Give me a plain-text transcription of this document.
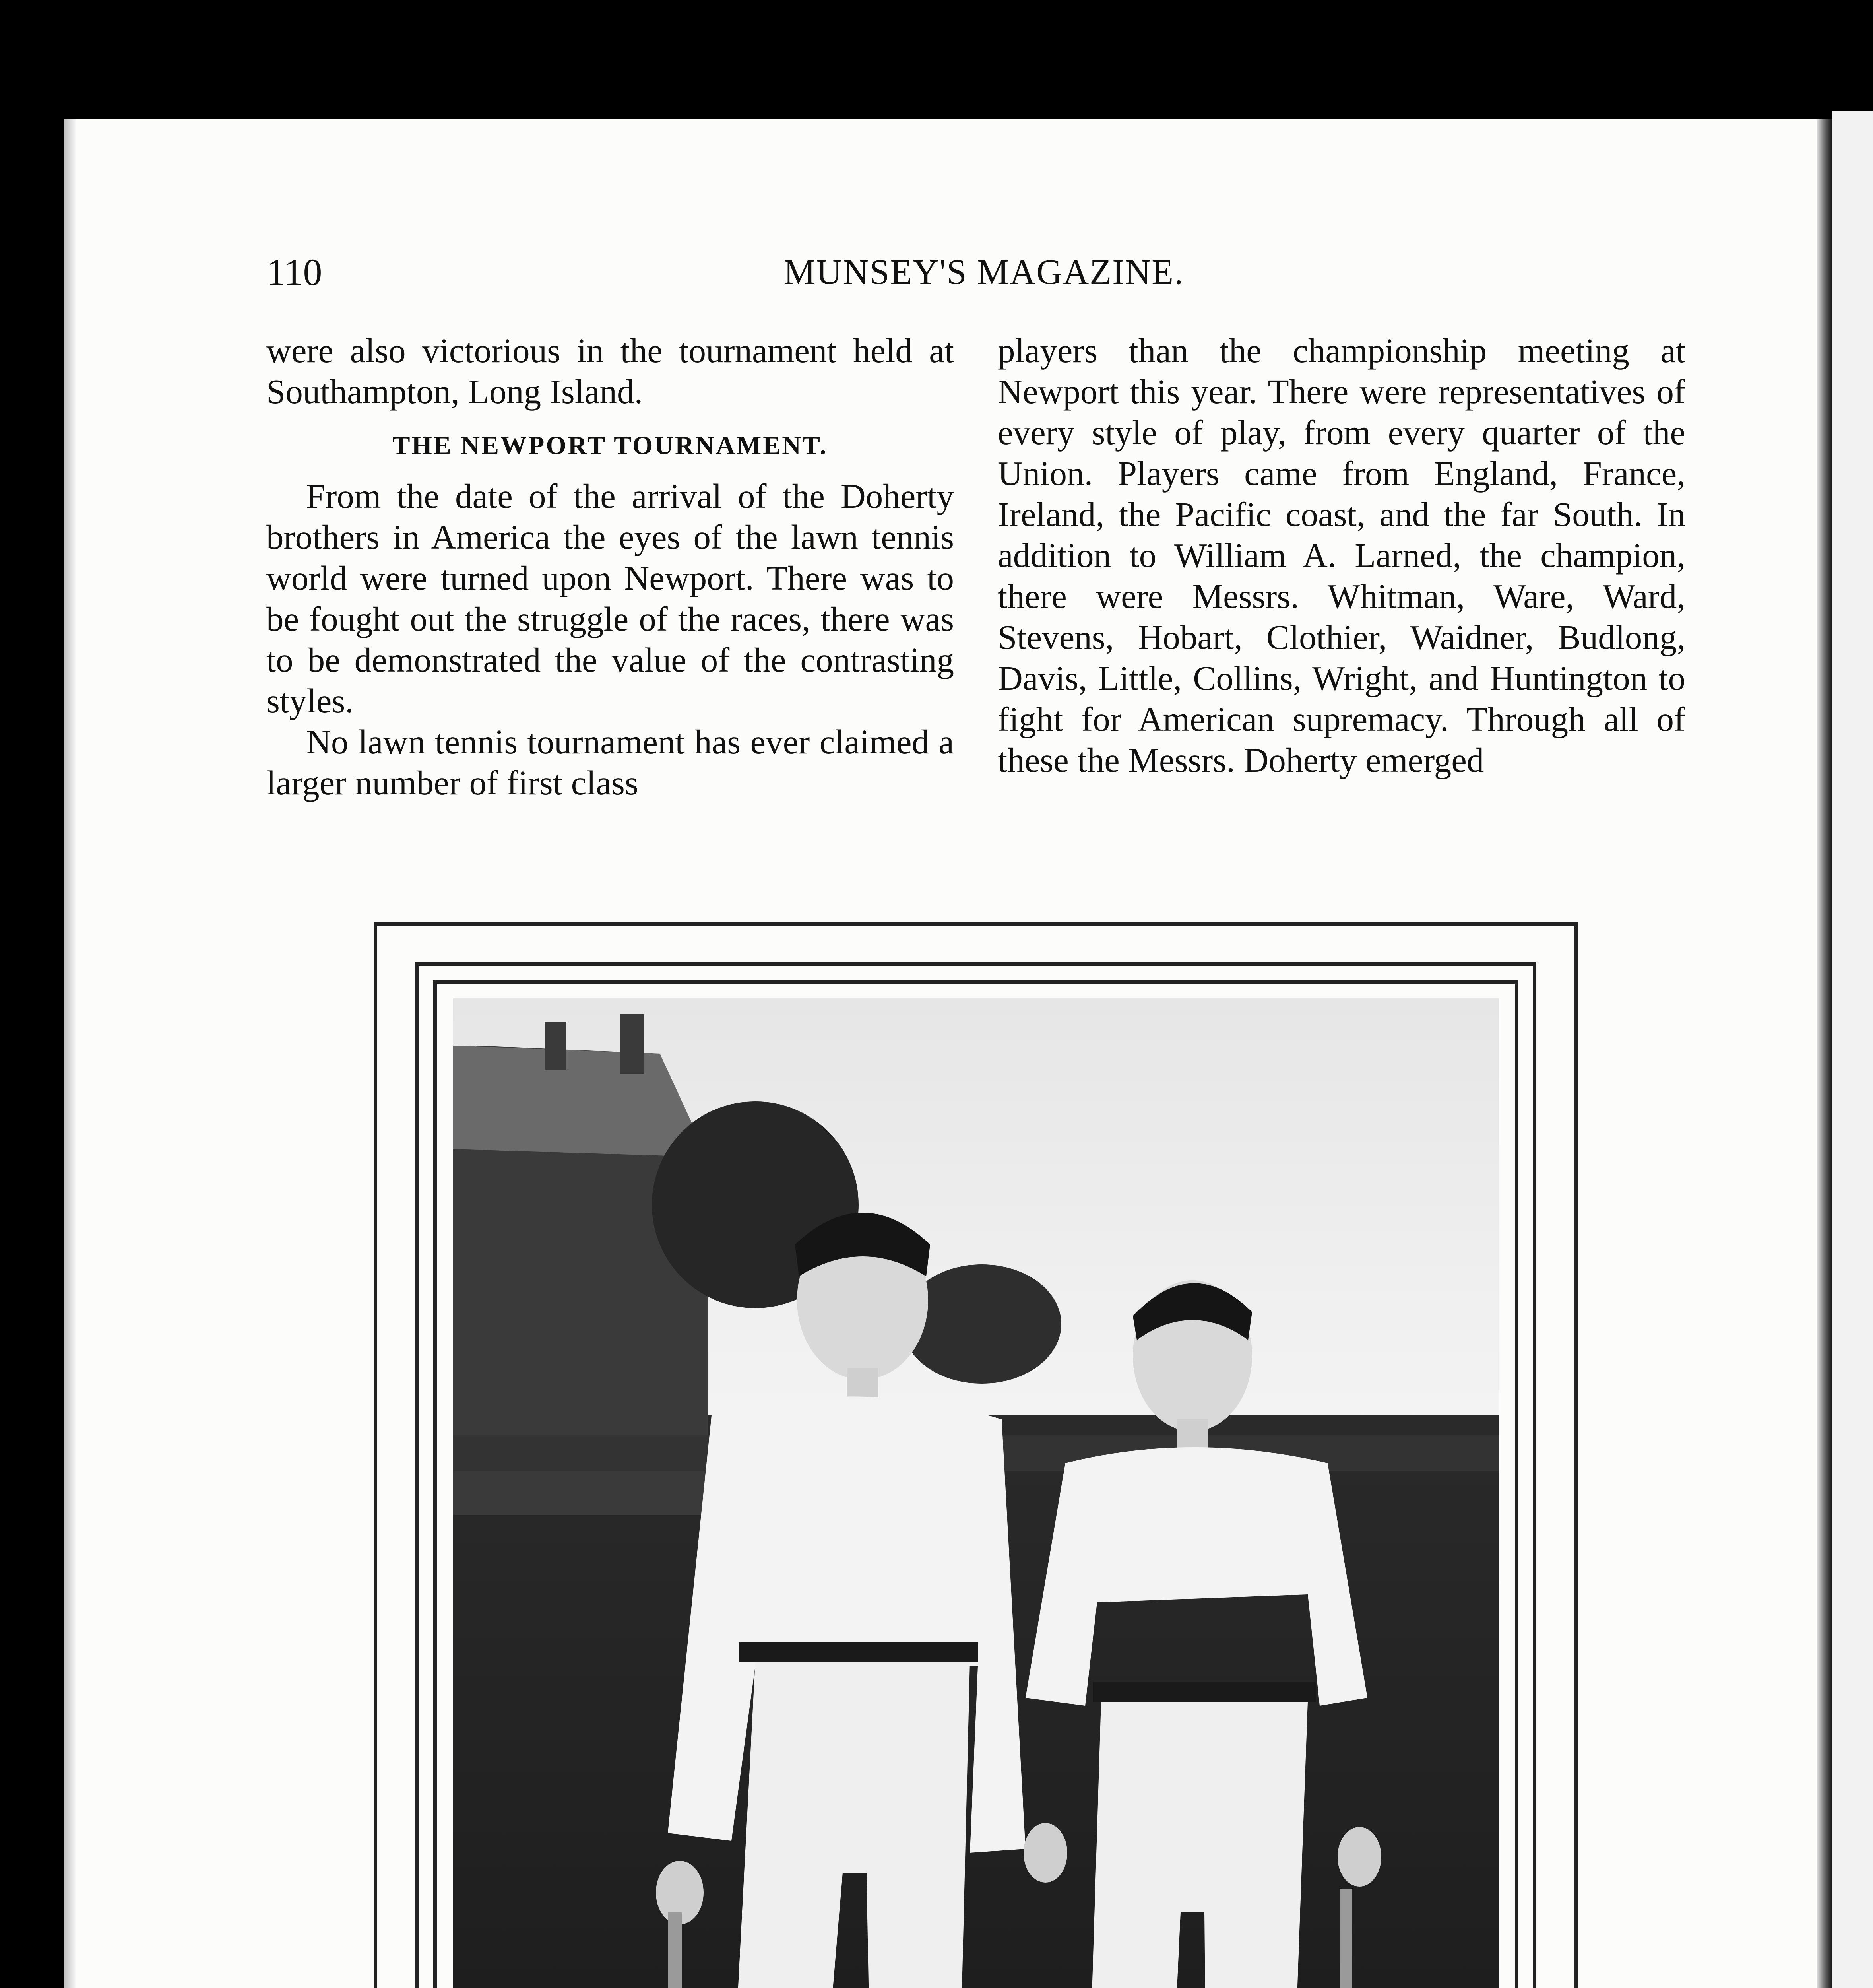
110	MUNSEY'S MAGAZINE.

were also victorious in the tournament held at Southampton, Long Island.

THE NEWPORT TOURNAMENT.

From the date of the arrival of the Doherty brothers in America the eyes of the lawn tennis world were turned upon Newport. There was to be fought out the struggle of the races, there was to be demonstrated the value of the contrasting styles.

No lawn tennis tournament has ever claimed a larger number of first class

players than the championship meeting at Newport this year. There were representatives of every style of play, from every quarter of the Union. Players came from England, France, Ireland, the Pacific coast, and the far South. In addition to William A. Larned, the champion, there were Messrs. Whitman, Ware, Ward, Stevens, Hobart, Clothier, Waidner, Budlong, Davis, Little, Collins, Wright, and Huntington to fight for American supremacy. Through all of these the Messrs. Doherty emerged
